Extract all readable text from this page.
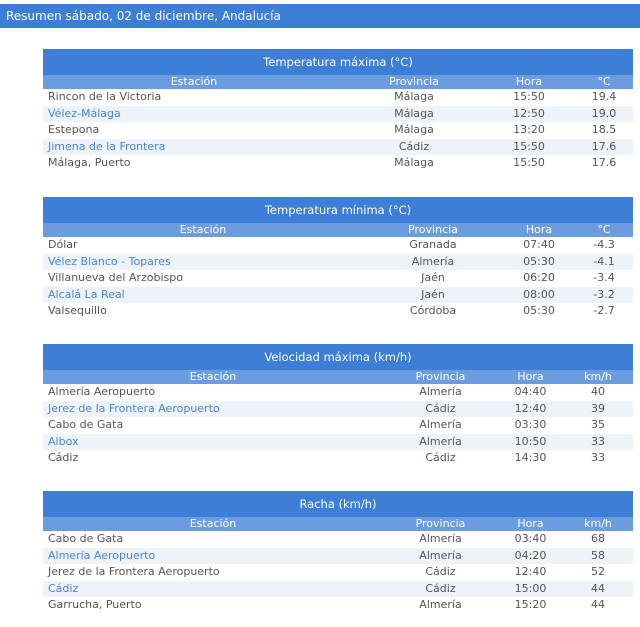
Resumen sábado, 02 de diciembre, Andalucía
Temperatura máxima (°C)
Estación	Provincia	Hora	°C
Rincon de la Victoria	Málaga	15:50	19.4
Vélez-Málaga	Málaga	12:50	19.0
Estepona	Málaga	13:20	18.5
Jimena de la Frontera	Cádiz	15:50	17.6
Málaga, Puerto	Málaga	15:50	17.6
Temperatura mínima (°C)
Estación	Provincia	Hora	°C
Dólar	Granada	07:40	-4.3
Vélez Blanco - Topares	Almería	05:30	-4.1
Villanueva del Arzobispo	Jaén	06:20	-3.4
Alcalá La Real	Jaén	08:00	-3.2
Valsequillo	Córdoba	05:30	-2.7
Velocidad máxima (km/h)
Estación	Provincia	Hora	km/h
Almería Aeropuerto	Almería	04:40	40
Jerez de la Frontera Aeropuerto	Cádiz	12:40	39
Cabo de Gata	Almería	03:30	35
Albox	Almería	10:50	33
Cádiz	Cádiz	14:30	33
Racha (km/h)
Estación	Provincia	Hora	km/h
Cabo de Gata	Almería	03:40	68
Almería Aeropuerto	Almería	04:20	58
Jerez de la Frontera Aeropuerto	Cádiz	12:40	52
Cádiz	Cádiz	15:00	44
Garrucha, Puerto	Almería	15:20	44
